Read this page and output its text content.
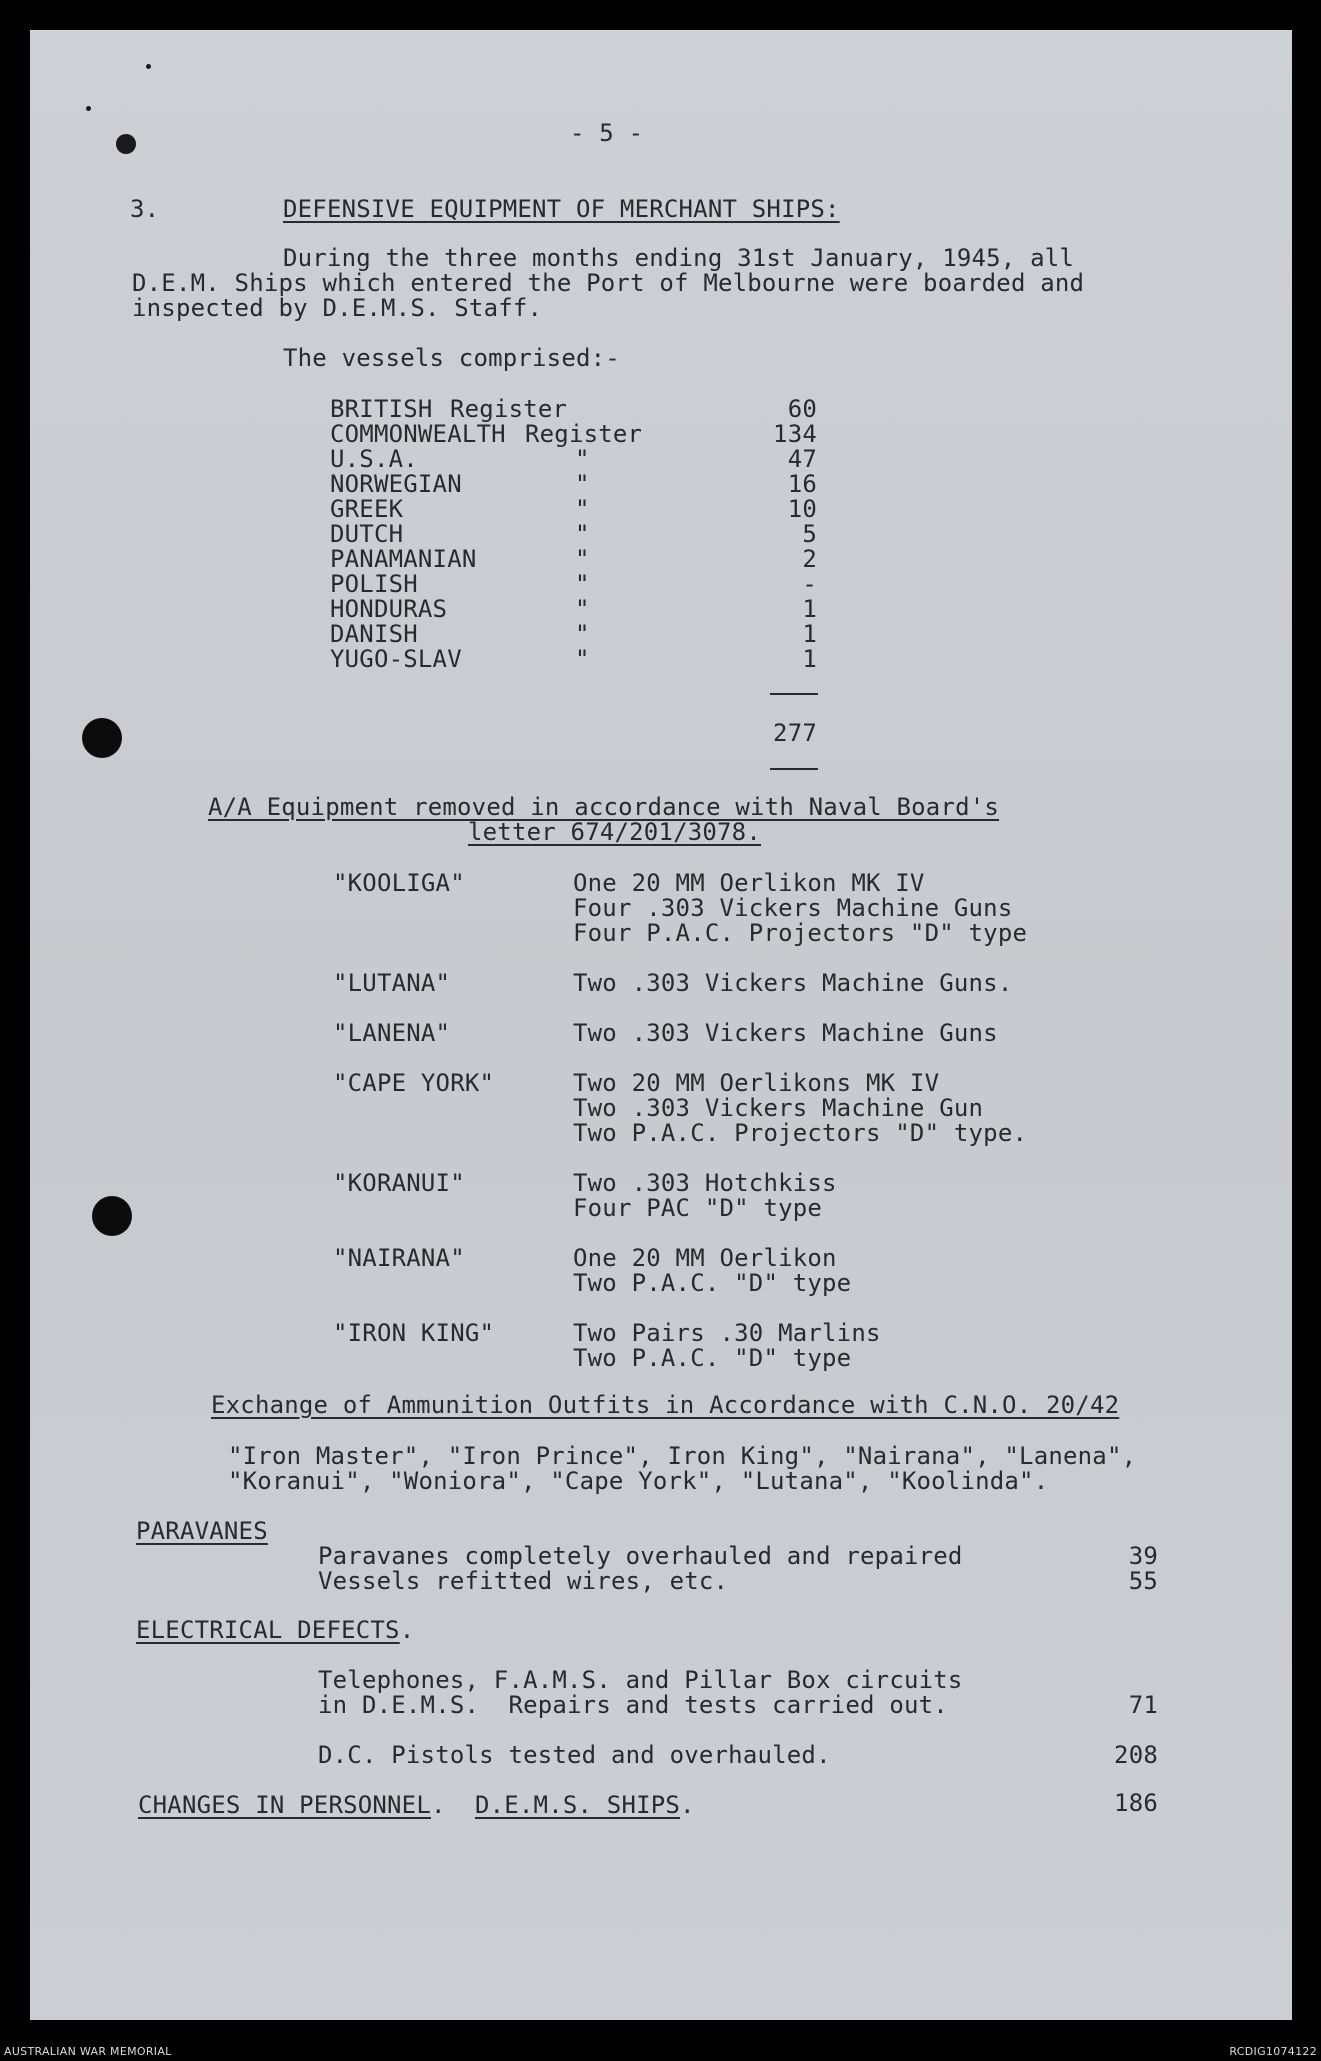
- 5 -
3.	DEFENSIVE EQUIPMENT OF MERCHANT SHIPS:
During the three months ending 31st January, 1945, all
D.E.M. Ships which entered the Port of Melbourne were boarded and
inspected by D.E.M.S. Staff.
The vessels comprised:-
BRITISH Register	60
COMMONWEALTH Register	134
U.S.A.	"	47
NORWEGIAN	"	16
GREEK	"	10
DUTCH	"	5
PANAMANIAN	"	2
POLISH	"	-
HONDURAS	"	1
DANISH	"	1
YUGO-SLAV	"	1
277
A/A Equipment removed in accordance with Naval Board's
letter 674/201/3078.
"KOOLIGA"	One 20 MM Oerlikon MK IV
Four .303 Vickers Machine Guns
Four P.A.C. Projectors "D" type
"LUTANA"	Two .303 Vickers Machine Guns.
"LANENA"	Two .303 Vickers Machine Guns
"CAPE YORK"	Two 20 MM Oerlikons MK IV
Two .303 Vickers Machine Gun
Two P.A.C. Projectors "D" type.
"KORANUI"	Two .303 Hotchkiss
Four PAC "D" type
"NAIRANA"	One 20 MM Oerlikon
Two P.A.C. "D" type
"IRON KING"	Two Pairs .30 Marlins
Two P.A.C. "D" type
Exchange of Ammunition Outfits in Accordance with C.N.O. 20/42
"Iron Master", "Iron Prince", Iron King", "Nairana", "Lanena",
"Koranui", "Woniora", "Cape York", "Lutana", "Koolinda".
PARAVANES
Paravanes completely overhauled and repaired	39
Vessels refitted wires, etc.	55
ELECTRICAL DEFECTS.
Telephones, F.A.M.S. and Pillar Box circuits
in D.E.M.S.  Repairs and tests carried out.	71
D.C. Pistols tested and overhauled.	208
CHANGES IN PERSONNEL. D.E.M.S. SHIPS.	186
AUSTRALIAN WAR MEMORIAL	RCDIG1074122
